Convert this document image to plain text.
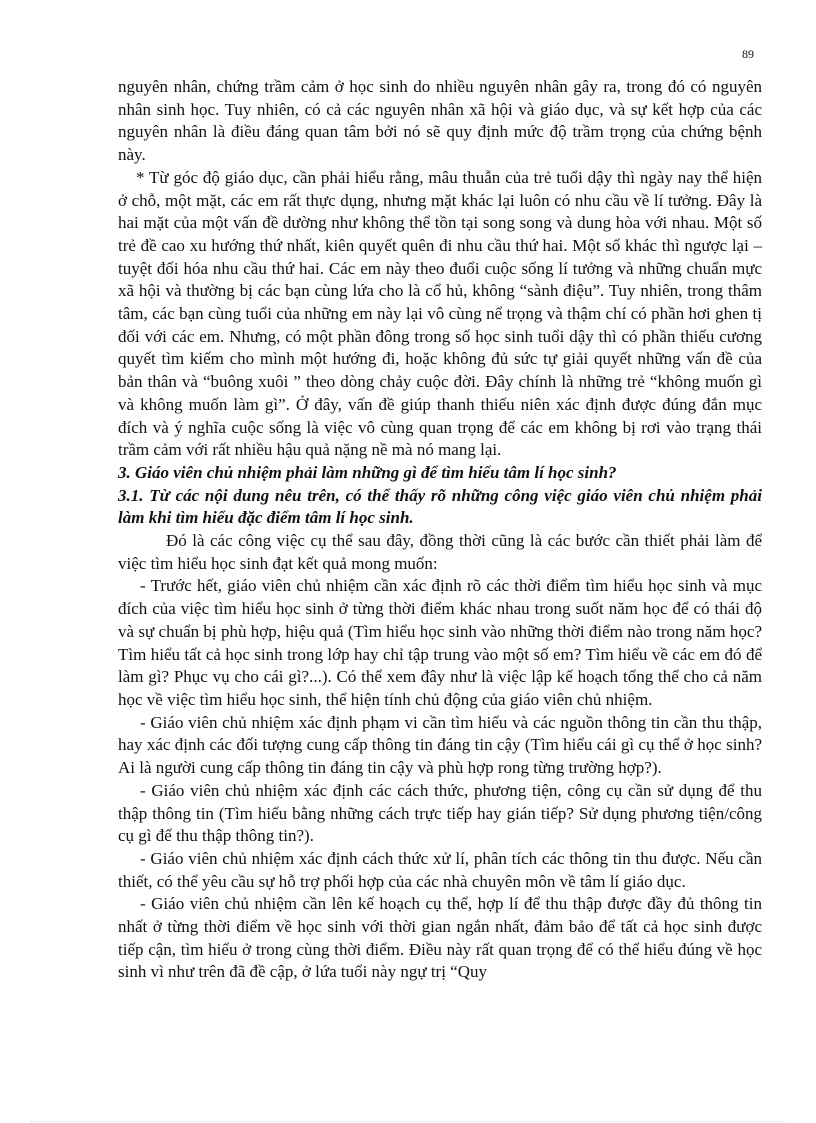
89

nguyên nhân, chứng trầm cảm ở học sinh do nhiều nguyên nhân gây ra, trong đó có nguyên nhân sinh học. Tuy nhiên, có cả các nguyên nhân xã hội và giáo dục, và sự kết hợp của các nguyên nhân là điều đáng quan tâm bởi nó sẽ quy định mức độ trầm trọng của chứng bệnh này.

* Từ góc độ giáo dục, cần phải hiểu rằng, mâu thuẫn của trẻ tuổi dậy thì ngày nay thể hiện ở chỗ, một mặt, các em rất thực dụng, nhưng mặt khác lại luôn có nhu cầu về lí tưởng. Đây là hai mặt của một vấn đề dường như không thể tồn tại song song và dung hòa với nhau. Một số trẻ đề cao xu hướng thứ nhất, kiên quyết quên đi nhu cầu thứ hai. Một số khác thì ngược lại – tuyệt đối hóa nhu cầu thứ hai. Các em này theo đuổi cuộc sống lí tưởng và những chuẩn mực xã hội và thường bị các bạn cùng lứa cho là cổ hủ, không “sành điệu”. Tuy nhiên, trong thâm tâm, các bạn cùng tuổi của những em này lại vô cùng nể trọng và thậm chí có phần hơi ghen tị đối với các em. Nhưng, có một phần đông trong số học sinh tuổi dậy thì có phần thiếu cương quyết tìm kiếm cho mình một hướng đi, hoặc không đủ sức tự giải quyết những vấn đề của bản thân và “buông xuôi ” theo dòng chảy cuộc đời. Đây chính là những trẻ “không muốn gì và không muốn làm gì”. Ở đây, vấn đề giúp thanh thiếu niên xác định được đúng đắn mục đích và ý nghĩa cuộc sống là việc vô cùng quan trọng để các em không bị rơi vào trạng thái trầm cảm với rất nhiều hậu quả nặng nề mà nó mang lại.

3. Giáo viên chủ nhiệm phải làm những gì để tìm hiểu tâm lí học sinh?

3.1. Từ các nội dung nêu trên, có thể thấy rõ những công việc giáo viên chủ nhiệm phải làm khi tìm hiểu đặc điểm tâm lí học sinh.

Đó là các công việc cụ thể sau đây, đồng thời cũng là các bước cần thiết phải làm để việc tìm hiểu học sinh đạt kết quả mong muốn:

- Trước hết, giáo viên chủ nhiệm cần xác định rõ các thời điểm tìm hiểu học sinh và mục đích của việc tìm hiểu học sinh ở từng thời điểm khác nhau trong suốt năm học để có thái độ và sự chuẩn bị phù hợp, hiệu quả (Tìm hiểu học sinh vào những thời điểm nào trong năm học? Tìm hiểu tất cả học sinh trong lớp hay chỉ tập trung vào một số em? Tìm hiểu về các em đó để làm gì? Phục vụ cho cái gì?...). Có thể xem đây như là việc lập kế hoạch tổng thể cho cả năm học về việc tìm hiểu học sinh, thể hiện tính chủ động của giáo viên chủ nhiệm.

- Giáo viên chủ nhiệm xác định phạm vi cần tìm hiểu và các nguồn thông tin cần thu thập, hay xác định các đối tượng cung cấp thông tin đáng tin cậy (Tìm hiểu cái gì cụ thể ở học sinh? Ai là người cung cấp thông tin đáng tin cậy và phù hợp rong từng trường hợp?).

- Giáo viên chủ nhiệm xác định các cách thức, phương tiện, công cụ cần sử dụng để thu thập thông tin (Tìm hiểu bằng những cách trực tiếp hay gián tiếp? Sử dụng phương tiện/công cụ gì để thu thập thông tin?).

- Giáo viên chủ nhiệm xác định cách thức xử lí, phân tích các thông tin thu được. Nếu cần thiết, có thể yêu cầu sự hỗ trợ phối hợp của các nhà chuyên môn về tâm lí giáo dục.

- Giáo viên chủ nhiệm cần lên kế hoạch cụ thể, hợp lí để thu thập được đầy đủ thông tin nhất ở từng thời điểm về học sinh với thời gian ngắn nhất, đảm bảo để tất cả học sinh được tiếp cận, tìm hiểu ở trong cùng thời điểm. Điều này rất quan trọng để có thể hiểu đúng về học sinh vì như trên đã đề cập, ở lứa tuổi này ngự trị “Quy
